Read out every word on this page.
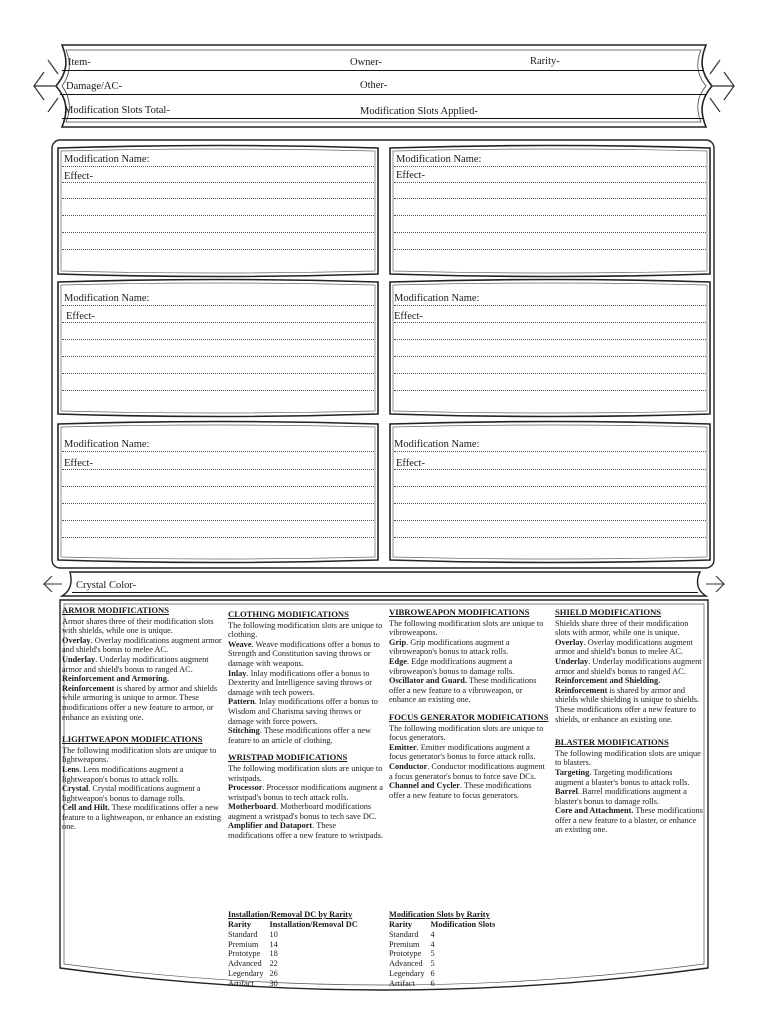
Item-	Owner-	Rarity-
Damage/AC-	Other-
Modification Slots Total-	Modification Slots Applied-
Modification Name:
Effect-
Modification Name:
Effect-
Modification Name:
Effect-
Modification Name:
Effect-
Modification Name:
Effect-
Modification Name:
Effect-
Crystal Color-
ARMOR MODIFICATIONS

Armor shares three of their modification slots with shields, while one is unique.

Overlay. Overlay modifications augment armor and shield's bonus to melee AC.

Underlay. Underlay modifications augment armor and shield's bonus to ranged AC.

Reinforcement and Armoring.

Reinforcement is shared by armor and shields while armoring is unique to armor. These modifications offer a new feature to armor, or enhance an existing one.

LIGHTWEAPON MODIFICATIONS

The following modification slots are unique to lightweapons.

Lens. Lens modifications augment a lightweapon's bonus to attack rolls.

Crystal. Crystal modifications augment a lightweapon's bonus to damage rolls.

Cell and Hilt. These modifications offer a new feature to a lightweapon, or enhance an existing one.

CLOTHING MODIFICATIONS

The following modification slots are unique to clothing.

Weave. Weave modifications offer a bonus to Strength and Constitution saving throws or damage with weapons.

Inlay. Inlay modifications offer a bonus to Dexterity and Intelligence saving throws or damage with tech powers.

Pattern. Inlay modifications offer a bonus to Wisdom and Charisma saving throws or damage with force powers.

Stitching. These modifications offer a new feature to an article of clothing.

WRISTPAD MODIFICATIONS

The following modification slots are unique to wristpads.

Processor. Processor modifications augment a wristpad's bonus to tech attack rolls.

Motherboard. Motherboard modifications augment a wristpad's bonus to tech save DC.

Amplifier and Dataport. These modifications offer a new feature to wristpads.

VIBROWEAPON MODIFICATIONS

The following modification slots are unique to vibroweapons.

Grip. Grip modifications augment a vibroweapon's bonus to attack rolls.

Edge. Edge modifications augment a vibroweapon's bonus to damage rolls.

Oscillator and Guard. These modifications offer a new feature to a vibroweapon, or enhance an existing one.

FOCUS GENERATOR MODIFICATIONS

The following modification slots are unique to focus generators.

Emitter. Emitter modifications augment a focus generator's bonus to force attack rolls.

Conductor. Conductor modifications augment a focus generator's bonus to force save DCs.

Channel and Cycler. These modifications offer a new feature to focus generators.

SHIELD MODIFICATIONS

Shields share three of their modification slots with armor, while one is unique.

Overlay. Overlay modifications augment armor and shield's bonus to melee AC.

Underlay. Underlay modifications augment armor and shield's bonus to ranged AC.

Reinforcement and Shielding.

Reinforcement is shared by armor and shields while shielding is unique to shields. These modifications offer a new feature to shields, or enhance an existing one.

BLASTER MODIFICATIONS

The following modification slots are unique to blasters.

Targeting. Targeting modifications augment a blaster's bonus to attack rolls.

Barrel. Barrel modifications augment a blaster's bonus to damage rolls.

Core and Attachment. These modifications offer a new feature to a blaster, or enhance an existing one.

Installation/Removal DC by Rarity
Rarity	Installation/Removal DC
Standard	10
Premium	14
Prototype	18
Advanced	22
Legendary	26
Artifact	30
Modification Slots by Rarity
Rarity	Modification Slots
Standard	4
Premium	4
Prototype	5
Advanced	5
Legendary	6
Artifact	6
